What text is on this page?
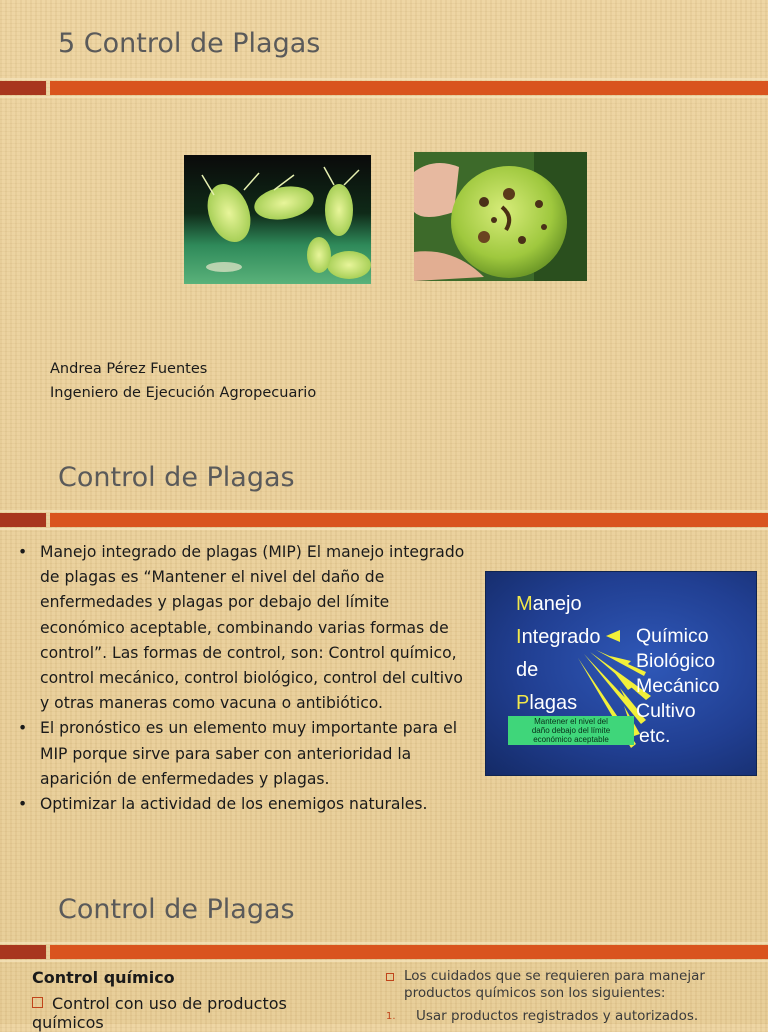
5 Control de Plagas
Andrea Pérez Fuentes
Ingeniero de Ejecución Agropecuario
Control de Plagas
• Manejo integrado de plagas (MIP) El manejo integrado de plagas es “Mantener el nivel del daño de enfermedades y plagas por debajo del límite económico aceptable, combinando varias formas de control”. Las formas de control, son: Control químico, control mecánico, control biológico, control del cultivo y otras maneras como vacuna o antibiótico.
• El pronóstico es un elemento muy importante para el MIP porque sirve para saber con anterioridad la aparición de enfermedades y plagas.
• Optimizar la actividad de los enemigos naturales.
Manejo
Integrado
de
Plagas
Químico
Biológico
Mecánico
Cultivo
etc.
Mantener el nivel del
daño debajo del límite
económico aceptable
Control de Plagas
Control químico
Control con uso de productos químicos
Los cuidados que se requieren para manejar productos químicos son los siguientes:
1. Usar productos registrados y autorizados.
